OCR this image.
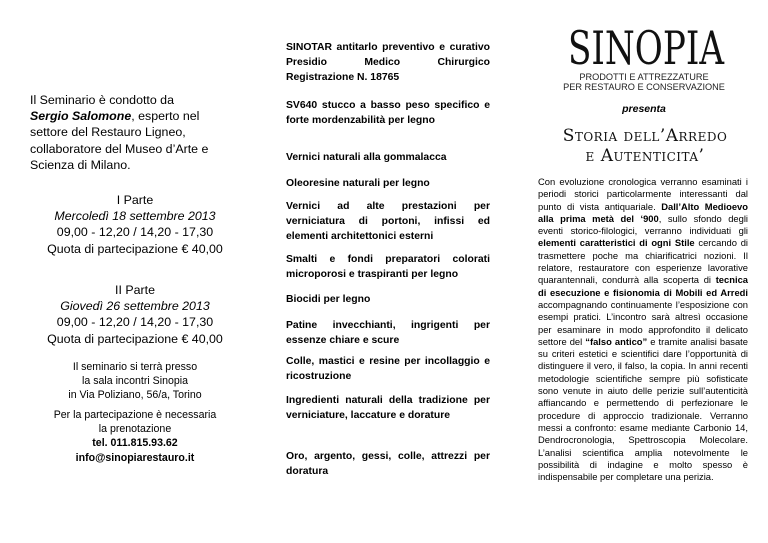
Il Seminario è condotto da
Sergio Salomone, esperto nel settore del Restauro Ligneo, collaboratore del Museo d’Arte e Scienza di Milano.
I Parte
Mercoledì 18 settembre 2013
09,00 - 12,20 / 14,20 - 17,30
Quota di partecipazione € 40,00
II Parte
Giovedì 26 settembre 2013
09,00 - 12,20 / 14,20 - 17,30
Quota di partecipazione € 40,00
Il seminario si terrà presso
la sala incontri Sinopia
in Via Poliziano, 56/a, Torino
Per la partecipazione è necessaria
la prenotazione
tel. 011.815.93.62
info@sinopiarestauro.it

SINOTAR antitarlo preventivo e curativo Presidio Medico Chirurgico Registrazione N. 18765

SV640 stucco a basso peso specifico e forte mordenzabilità per legno

Vernici naturali alla gommalacca

Oleoresine naturali per legno

Vernici ad alte prestazioni per verniciatura di portoni, infissi ed elementi architettonici esterni

Smalti e fondi preparatori colorati microporosi e traspiranti per legno

Biocidi per legno

Patine invecchianti, ingrigenti per essenze chiare e scure

Colle, mastici e resine per incollaggio e ricostruzione

Ingredienti naturali della tradizione per verniciature, laccature e dorature

Oro, argento, gessi, colle, attrezzi per doratura

SINOPIA
PRODOTTI E ATTREZZATURE
PER RESTAURO E CONSERVAZIONE
presenta
Storia dell’Arredo
e Autenticita’
Con evoluzione cronologica verranno esaminati i periodi storici particolarmente interessanti dal punto di vista antiquariale. Dall’Alto Medioevo alla prima metà del ‘900, sullo sfondo degli eventi storico-filologici, verranno individuati gli elementi caratteristici di ogni Stile cercando di trasmettere poche ma chiarificatrici nozioni. Il relatore, restauratore con esperienze lavorative quarantennali, condurrà alla scoperta di tecnica di esecuzione e fisionomia di Mobili ed Arredi accompagnando continuamente l’esposizione con esempi pratici. L’incontro sarà altresì occasione per esaminare in modo approfondito il delicato settore del “falso antico” e tramite analisi basate su criteri estetici e scientifici dare l’opportunità di distinguere il vero, il falso, la copia. In anni recenti metodologie scientifiche sempre più sofisticate sono venute in aiuto delle perizie sull’autenticità affiancando e permettendo di perfezionare le procedure di approccio tradizionale. Verranno messi a confronto: esame mediante Carbonio 14, Dendrocronologia, Spettroscopia Molecolare. L’analisi scientifica amplia notevolmente le possibilità di indagine e molto spesso è indispensabile per completare una perizia.
